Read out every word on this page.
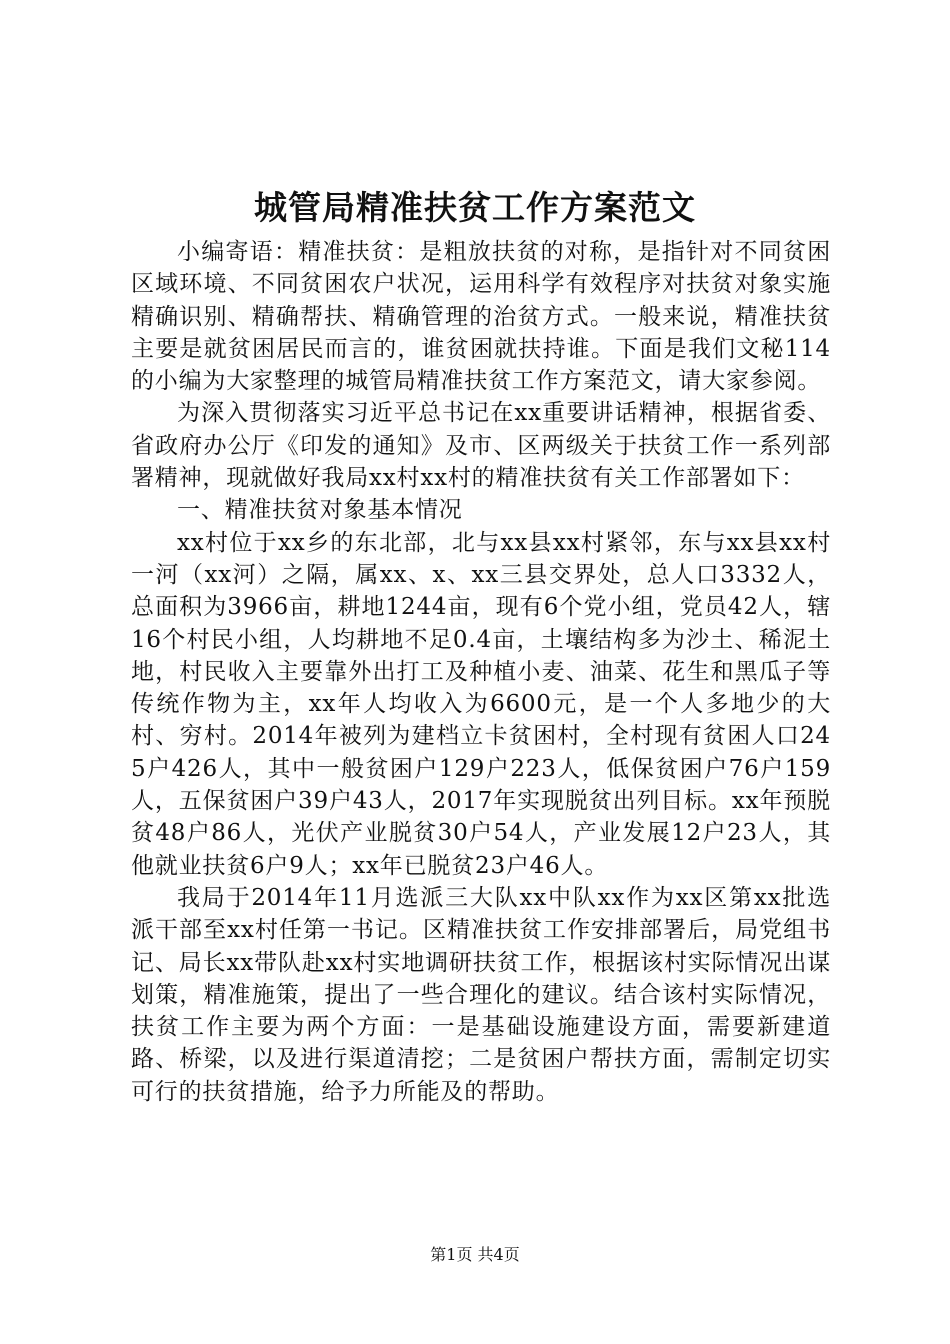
城管局精准扶贫工作方案范文

小编寄语：精准扶贫：是粗放扶贫的对称，是指针对不同贫困区域环境、不同贫困农户状况，运用科学有效程序对扶贫对象实施精确识别、精确帮扶、精确管理的治贫方式。一般来说，精准扶贫主要是就贫困居民而言的，谁贫困就扶持谁。下面是我们文秘114的小编为大家整理的城管局精准扶贫工作方案范文，请大家参阅。

为深入贯彻落实习近平总书记在xx重要讲话精神，根据省委、省政府办公厅《印发的通知》及市、区两级关于扶贫工作一系列部署精神，现就做好我局xx村xx村的精准扶贫有关工作部署如下：

一、精准扶贫对象基本情况

xx村位于xx乡的东北部，北与xx县xx村紧邻，东与xx县xx村一河（xx河）之隔，属xx、x、xx三县交界处，总人口3332人，总面积为3966亩，耕地1244亩，现有6个党小组，党员42人，辖16个村民小组，人均耕地不足0.4亩，土壤结构多为沙土、稀泥土地，村民收入主要靠外出打工及种植小麦、油菜、花生和黑瓜子等传统作物为主，xx年人均收入为6600元，是一个人多地少的大村、穷村。2014年被列为建档立卡贫困村，全村现有贫困人口245户426人，其中一般贫困户129户223人，低保贫困户76户159人，五保贫困户39户43人，2017年实现脱贫出列目标。xx年预脱贫48户86人，光伏产业脱贫30户54人，产业发展12户23人，其他就业扶贫6户9人；xx年已脱贫23户46人。

我局于2014年11月选派三大队xx中队xx作为xx区第xx批选派干部至xx村任第一书记。区精准扶贫工作安排部署后，局党组书记、局长xx带队赴xx村实地调研扶贫工作，根据该村实际情况出谋划策，精准施策，提出了一些合理化的建议。结合该村实际情况，扶贫工作主要为两个方面：一是基础设施建设方面，需要新建道路、桥梁，以及进行渠道清挖；二是贫困户帮扶方面，需制定切实可行的扶贫措施，给予力所能及的帮助。

第1页 共4页
